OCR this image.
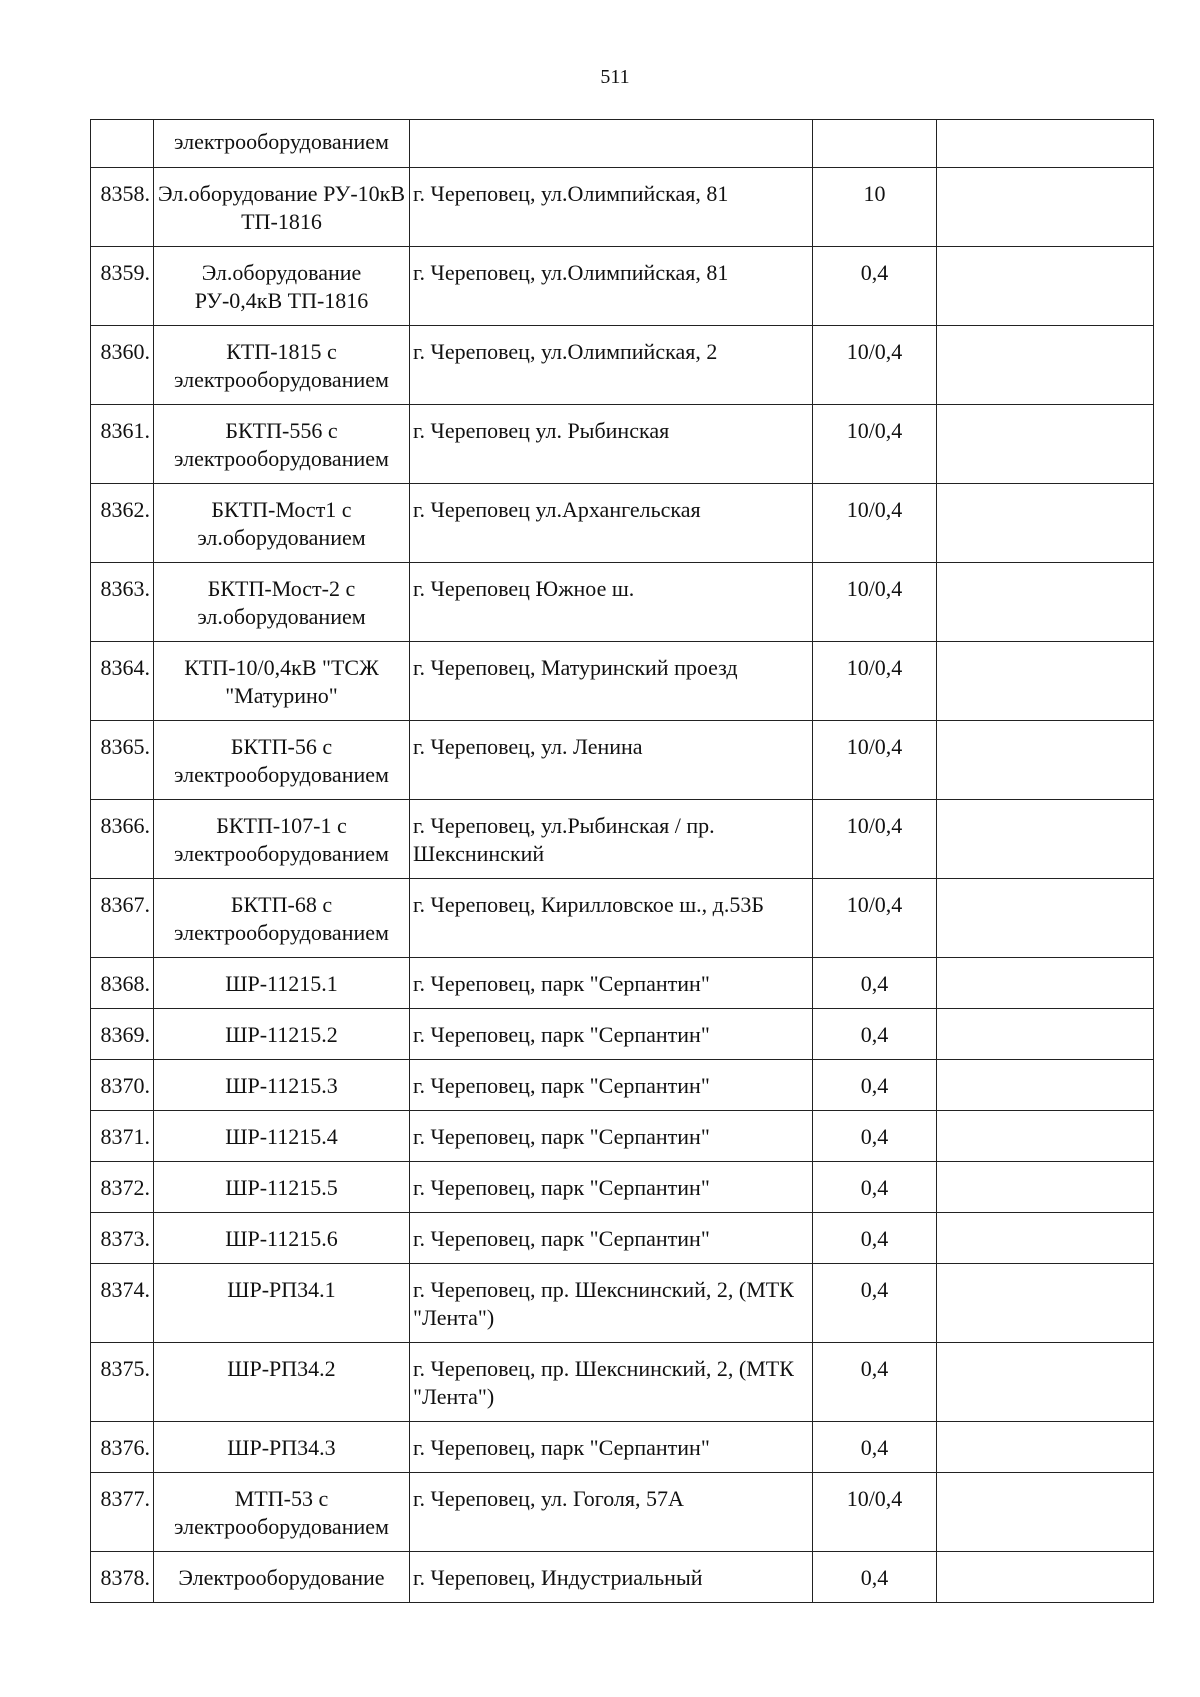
511
	электрооборудованием			
8358.	Эл.оборудование РУ-10кВ ТП-1816	г. Череповец, ул.Олимпийская, 81	10	
8359.	Эл.оборудование РУ-0,4кВ ТП-1816	г. Череповец, ул.Олимпийская, 81	0,4	
8360.	КТП-1815 с электрооборудованием	г. Череповец, ул.Олимпийская, 2	10/0,4	
8361.	БКТП-556 с электрооборудованием	г. Череповец ул. Рыбинская	10/0,4	
8362.	БКТП-Мост1 с эл.оборудованием	г. Череповец ул.Архангельская	10/0,4	
8363.	БКТП-Мост-2 с эл.оборудованием	г. Череповец Южное ш.	10/0,4	
8364.	КТП-10/0,4кВ "ТСЖ "Матурино"	г. Череповец, Матуринский проезд	10/0,4	
8365.	БКТП-56 с электрооборудованием	г. Череповец, ул. Ленина	10/0,4	
8366.	БКТП-107-1 с электрооборудованием	г. Череповец, ул.Рыбинская / пр. Шекснинский	10/0,4	
8367.	БКТП-68 с электрооборудованием	г. Череповец, Кирилловское ш., д.53Б	10/0,4	
8368.	ШР-11215.1	г. Череповец, парк "Серпантин"	0,4	
8369.	ШР-11215.2	г. Череповец, парк "Серпантин"	0,4	
8370.	ШР-11215.3	г. Череповец, парк "Серпантин"	0,4	
8371.	ШР-11215.4	г. Череповец, парк "Серпантин"	0,4	
8372.	ШР-11215.5	г. Череповец, парк "Серпантин"	0,4	
8373.	ШР-11215.6	г. Череповец, парк "Серпантин"	0,4	
8374.	ШР-РП34.1	г. Череповец, пр. Шекснинский, 2, (МТК "Лента")	0,4	
8375.	ШР-РП34.2	г. Череповец, пр. Шекснинский, 2, (МТК "Лента")	0,4	
8376.	ШР-РП34.3	г. Череповец, парк "Серпантин"	0,4	
8377.	МТП-53 с электрооборудованием	г. Череповец, ул. Гоголя, 57А	10/0,4	
8378.	Электрооборудование	г. Череповец, Индустриальный	0,4	
